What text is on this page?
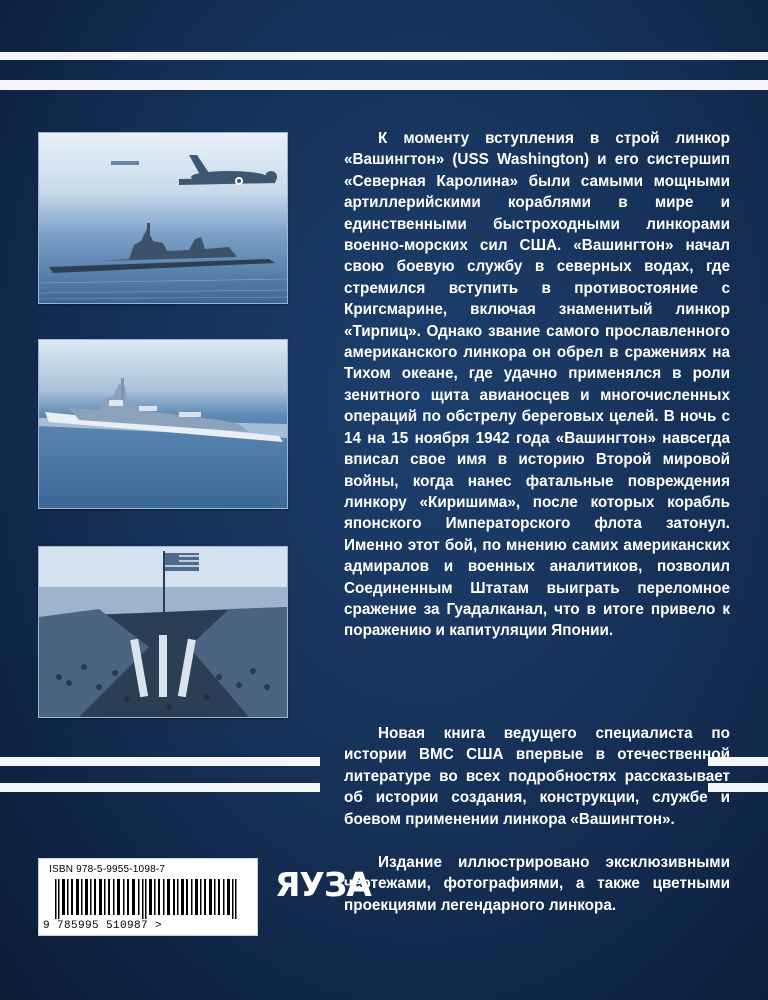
К моменту вступления в строй линкор «Вашингтон» (USS Washington) и его систершип «Северная Каролина» были самыми мощными артиллерийскими кораблями в мире и единственными быстроходными линкорами военно-морских сил США. «Вашингтон» начал свою боевую службу в северных водах, где стремился вступить в противостояние с Кригсмарине, включая знаменитый линкор «Тирпиц». Однако звание самого прославленного американского линкора он обрел в сражениях на Тихом океане, где удачно применялся в роли зенитного щита авианосцев и многочисленных операций по обстрелу береговых целей. В ночь с 14 на 15 ноября 1942 года «Вашингтон» навсегда вписал свое имя в историю Второй мировой войны, когда нанес фатальные повреждения линкору «Киришима», после которых корабль японского Императорского флота затонул. Именно этот бой, по мнению самих американских адмиралов и военных аналитиков, позволил Соединенным Штатам выиграть переломное сражение за Гуадалканал, что в итоге привело к поражению и капитуляции Японии.
Новая книга ведущего специалиста по истории ВМС США впервые в отечественной литературе во всех подробностях рассказывает об истории создания, конструкции, службе и боевом применении линкора «Вашингтон».
Издание иллюстрировано эксклюзивными чертежами, фотографиями, а также цветными проекциями легендарного линкора.
ISBN 978-5-9955-1098-7
9 785995 510987 >
ЯУЗА
